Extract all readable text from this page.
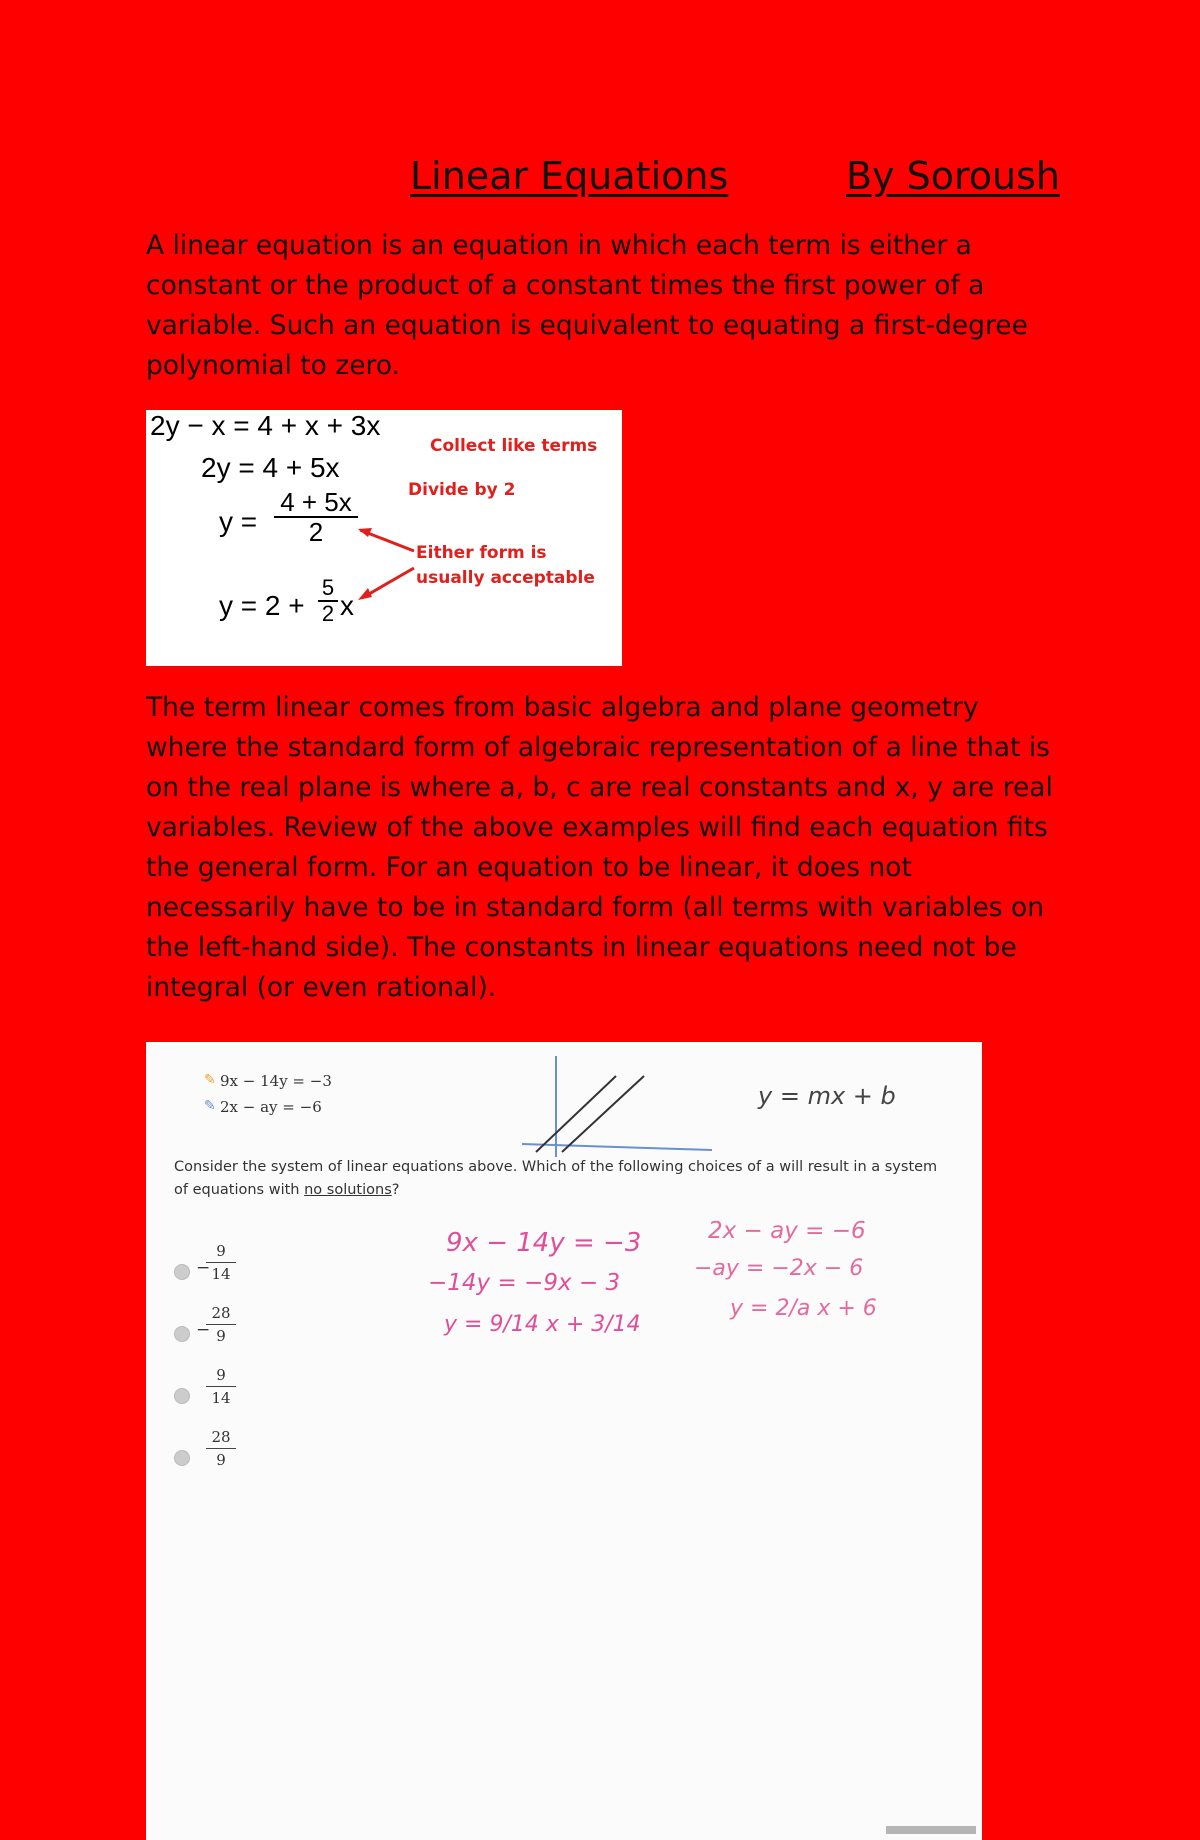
Linear Equations	By Soroush

A linear equation is an equation in which each term is either a constant or the product of a constant times the first power of a variable. Such an equation is equivalent to equating a first-degree polynomial to zero.

2y − x = 4 + x + 3x
2y = 4 + 5x
y =
4 + 5x
2
y = 2 +
5
2 x
Collect like terms
Divide by 2
Either form is
usually acceptable

The term linear comes from basic algebra and plane geometry where the standard form of algebraic representation of a line that is on the real plane is where a, b, c are real constants and x, y are real variables. Review of the above examples will find each equation fits the general form. For an equation to be linear, it does not necessarily have to be in standard form (all terms with variables on the left-hand side). The constants in linear equations need not be integral (or even rational).

✎ 9x − 14y = −3
✎ 2x − ay = −6	y = mx + b

Consider the system of linear equations above. Which of the following choices of a will result in a system of equations with no solutions?

−
9
14
−
28
9
9
14
28
9
9x − 14y = −3
−14y = −9x − 3
y = 9/14 x + 3/14
2x − ay = −6
−ay = −2x − 6
y = 2/a x + 6
